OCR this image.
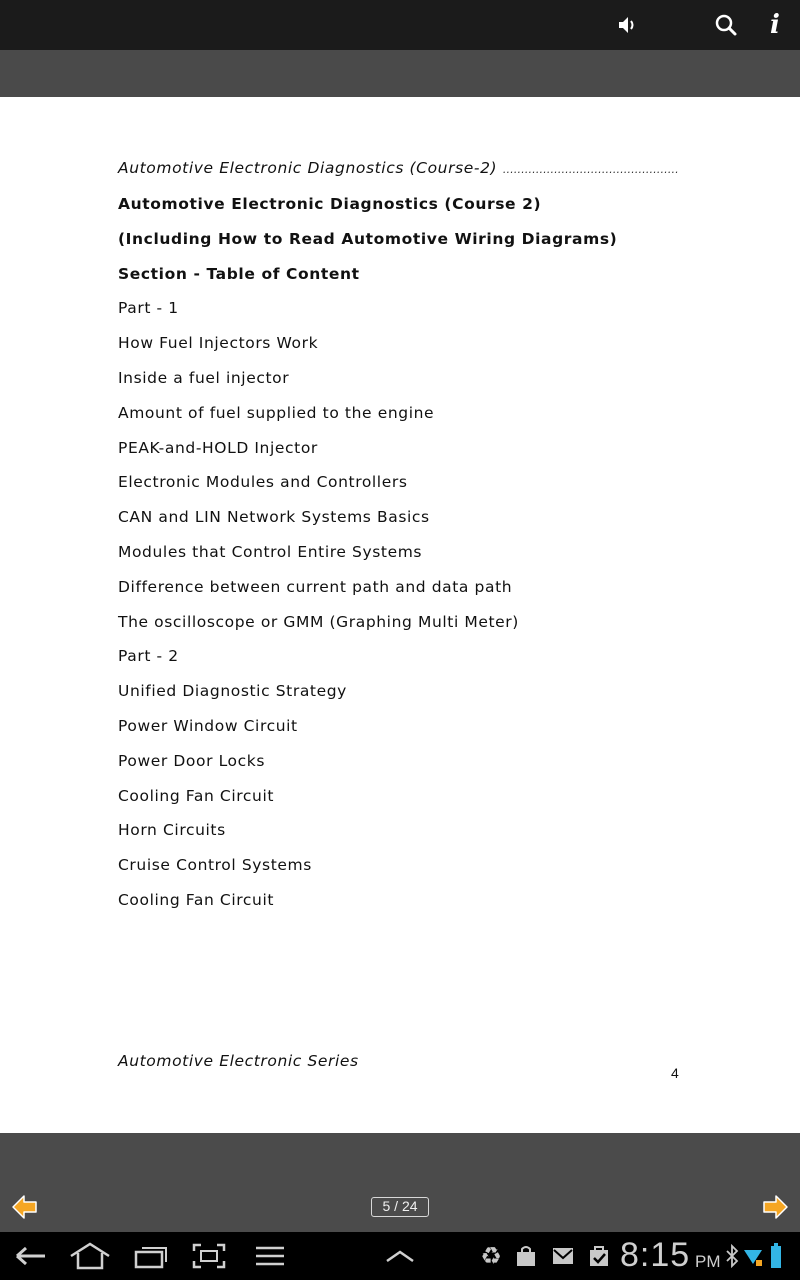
i
Automotive Electronic Diagnostics (Course-2) …………………………………………
Automotive Electronic Diagnostics (Course 2)
(Including How to Read Automotive Wiring Diagrams)
Section - Table of Content
Part - 1
How Fuel Injectors Work
Inside a fuel injector
Amount of fuel supplied to the engine
PEAK-and-HOLD Injector
Electronic Modules and Controllers
CAN and LIN Network Systems Basics
Modules that Control Entire Systems
Difference between current path and data path
The oscilloscope or GMM (Graphing Multi Meter)
Part - 2
Unified Diagnostic Strategy
Power Window Circuit
Power Door Locks
Cooling Fan Circuit
Horn Circuits
Cruise Control Systems
Cooling Fan Circuit
Automotive Electronic Series
4
5 / 24
♻	8:15 PM
